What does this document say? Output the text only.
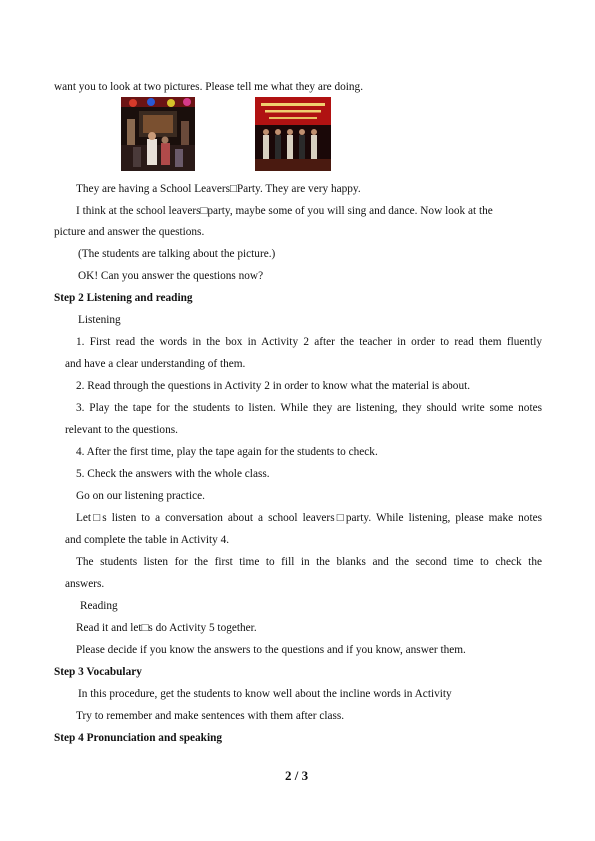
want you to look at two pictures. Please tell me what they are doing.
They are having a School Leavers□Party. They are very happy.
I think at the school leavers□party, maybe some of you will sing and dance. Now look at the
picture and answer the questions.
(The students are talking about the picture.)
OK! Can you answer the questions now?
Step 2 Listening and reading
Listening
1. First read the words in the box in Activity 2 after the teacher in order to read them fluently
and have a clear understanding of them.
2. Read through the questions in Activity 2 in order to know what the material is about.
3. Play the tape for the students to listen. While they are listening, they should write some notes
relevant to the questions.
4. After the first time, play the tape again for the students to check.
5. Check the answers with the whole class.
Go on our listening practice.
Let□s listen to a conversation about a school leavers□party. While listening, please make notes
and complete the table in Activity 4.
The students listen for the first time to fill in the blanks and the second time to check the
answers.
Reading
Read it and let□s do Activity 5 together.
Please decide if you know the answers to the questions and if you know, answer them.
Step 3 Vocabulary
In this procedure, get the students to know well about the incline words in Activity
Try to remember and make sentences with them after class.
Step 4 Pronunciation and speaking
2 / 3
